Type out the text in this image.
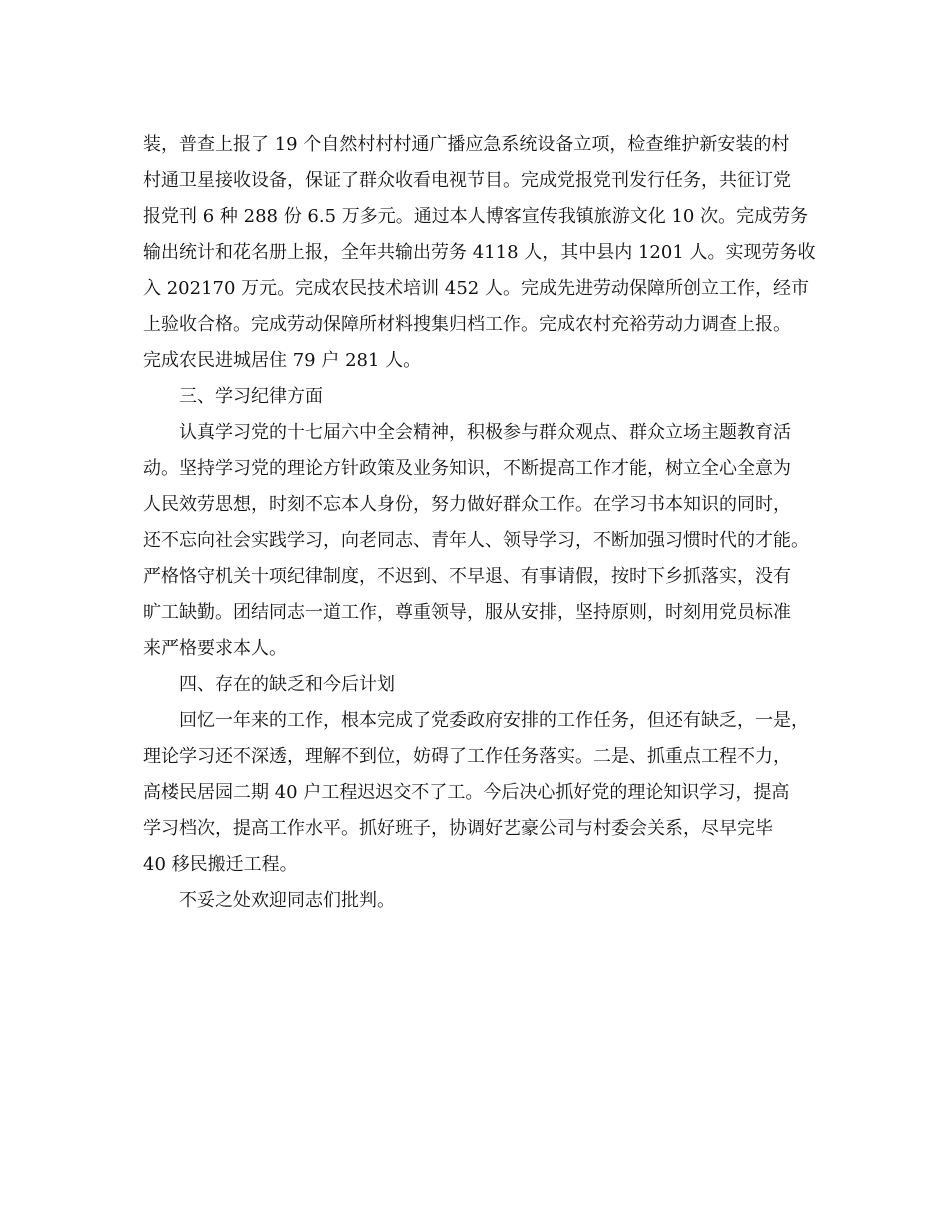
装，普查上报了 19 个自然村村村通广播应急系统设备立项，检查维护新安装的村
村通卫星接收设备，保证了群众收看电视节目。完成党报党刊发行任务，共征订党
报党刊 6 种 288 份 6.5 万多元。通过本人博客宣传我镇旅游文化 10 次。完成劳务
输出统计和花名册上报，全年共输出劳务 4118 人，其中县内 1201 人。实现劳务收
入 202170 万元。完成农民技术培训 452 人。完成先进劳动保障所创立工作，经市
上验收合格。完成劳动保障所材料搜集归档工作。完成农村充裕劳动力调查上报。
完成农民进城居住 79 户 281 人。
三、学习纪律方面
认真学习党的十七届六中全会精神，积极参与群众观点、群众立场主题教育活
动。坚持学习党的理论方针政策及业务知识，不断提高工作才能，树立全心全意为
人民效劳思想，时刻不忘本人身份，努力做好群众工作。在学习书本知识的同时，
还不忘向社会实践学习，向老同志、青年人、领导学习，不断加强习惯时代的才能。
严格恪守机关十项纪律制度，不迟到、不早退、有事请假，按时下乡抓落实，没有
旷工缺勤。团结同志一道工作，尊重领导，服从安排，坚持原则，时刻用党员标准
来严格要求本人。
四、存在的缺乏和今后计划
回忆一年来的工作，根本完成了党委政府安排的工作任务，但还有缺乏，一是，
理论学习还不深透，理解不到位，妨碍了工作任务落实。二是、抓重点工程不力，
高楼民居园二期 40 户工程迟迟交不了工。今后决心抓好党的理论知识学习，提高
学习档次，提高工作水平。抓好班子，协调好艺豪公司与村委会关系，尽早完毕
40 移民搬迁工程。
不妥之处欢迎同志们批判。
